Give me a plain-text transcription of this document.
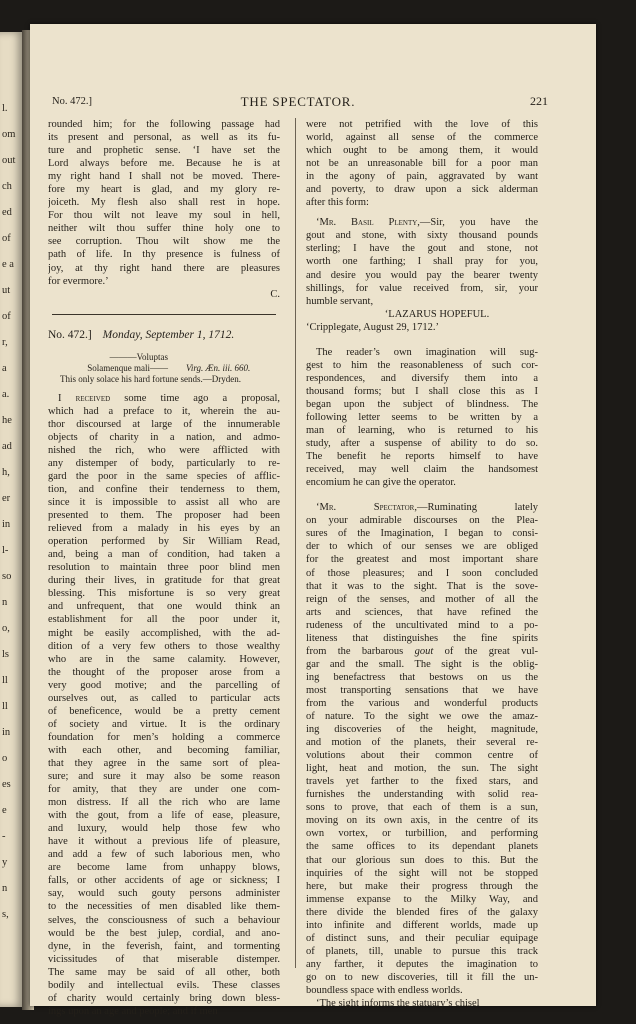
l.
om
out
ch
ed
of
e a
ut
of
r,
a
a.
he
ad
h,
er
in
l-
so
n
o,
ls
ll
ll
in
o
es
e
-
y
n
s,
No. 472.]	THE SPECTATOR.	221
rounded him; for the following passage had
its present and personal, as well as its fu-
ture and prophetic sense. ‘I have set the
Lord always before me. Because he is at
my right hand I shall not be moved. There-
fore my heart is glad, and my glory re-
joiceth. My flesh also shall rest in hope.
For thou wilt not leave my soul in hell,
neither wilt thou suffer thine holy one to
see corruption. Thou wilt show me the
path of life. In thy presence is fulness of
joy, at thy right hand there are pleasures
for evermore.’
C.
No. 472.] Monday, September 1, 1712.
———Voluptas
Solamenque mali—— Virg. Æn. iii. 660.
This only solace his hard fortune sends.—Dryden.
I received some time ago a proposal,
which had a preface to it, wherein the au-
thor discoursed at large of the innumerable
objects of charity in a nation, and admo-
nished the rich, who were afflicted with
any distemper of body, particularly to re-
gard the poor in the same species of afflic-
tion, and confine their tenderness to them,
since it is impossible to assist all who are
presented to them. The proposer had been
relieved from a malady in his eyes by an
operation performed by Sir William Read,
and, being a man of condition, had taken a
resolution to maintain three poor blind men
during their lives, in gratitude for that great
blessing. This misfortune is so very great
and unfrequent, that one would think an
establishment for all the poor under it,
might be easily accomplished, with the ad-
dition of a very few others to those wealthy
who are in the same calamity. However,
the thought of the proposer arose from a
very good motive; and the parcelling of
ourselves out, as called to particular acts
of beneficence, would be a pretty cement
of society and virtue. It is the ordinary
foundation for men’s holding a commerce
with each other, and becoming familiar,
that they agree in the same sort of plea-
sure; and sure it may also be some reason
for amity, that they are under one com-
mon distress. If all the rich who are lame
with the gout, from a life of ease, pleasure,
and luxury, would help those few who
have it without a previous life of pleasure,
and add a few of such laborious men, who
are become lame from unhappy blows,
falls, or other accidents of age or sickness; I
say, would such gouty persons administer
to the necessities of men disabled like them-
selves, the consciousness of such a behaviour
would be the best julep, cordial, and ano-
dyne, in the feverish, faint, and tormenting
vicissitudes of that miserable distemper.
The same may be said of all other, both
bodily and intellectual evils. These classes
of charity would certainly bring down bless-
ings upon an age and people; and if men
were not petrified with the love of this
world, against all sense of the commerce
which ought to be among them, it would
not be an unreasonable bill for a poor man
in the agony of pain, aggravated by want
and poverty, to draw upon a sick alderman
after this form:
‘Mr. Basil Plenty,—Sir, you have the
gout and stone, with sixty thousand pounds
sterling; I have the gout and stone, not
worth one farthing; I shall pray for you,
and desire you would pay the bearer twenty
shillings, for value received from, sir, your
humble servant,
‘LAZARUS HOPEFUL.
‘Cripplegate, August 29, 1712.’
The reader’s own imagination will sug-
gest to him the reasonableness of such cor-
respondences, and diversify them into a
thousand forms; but I shall close this as I
began upon the subject of blindness. The
following letter seems to be written by a
man of learning, who is returned to his
study, after a suspense of ability to do so.
The benefit he reports himself to have
received, may well claim the handsomest
encomium he can give the operator.
‘Mr. Spectator,—Ruminating lately
on your admirable discourses on the Plea-
sures of the Imagination, I began to consi-
der to which of our senses we are obliged
for the greatest and most important share
of those pleasures; and I soon concluded
that it was to the sight. That is the sove-
reign of the senses, and mother of all the
arts and sciences, that have refined the
rudeness of the uncultivated mind to a po-
liteness that distinguishes the fine spirits
from the barbarous gout of the great vul-
gar and the small. The sight is the oblig-
ing benefactress that bestows on us the
most transporting sensations that we have
from the various and wonderful products
of nature. To the sight we owe the amaz-
ing discoveries of the height, magnitude,
and motion of the planets, their several re-
volutions about their common centre of
light, heat and motion, the sun. The sight
travels yet farther to the fixed stars, and
furnishes the understanding with solid rea-
sons to prove, that each of them is a sun,
moving on its own axis, in the centre of its
own vortex, or turbillion, and performing
the same offices to its dependant planets
that our glorious sun does to this. But the
inquiries of the sight will not be stopped
here, but make their progress through the
immense expanse to the Milky Way, and
there divide the blended fires of the galaxy
into infinite and different worlds, made up
of distinct suns, and their peculiar equipage
of planets, till, unable to pursue this track
any farther, it deputes the imagination to
go on to new discoveries, till it fill the un-
boundless space with endless worlds.
‘The sight informs the statuary’s chisel
